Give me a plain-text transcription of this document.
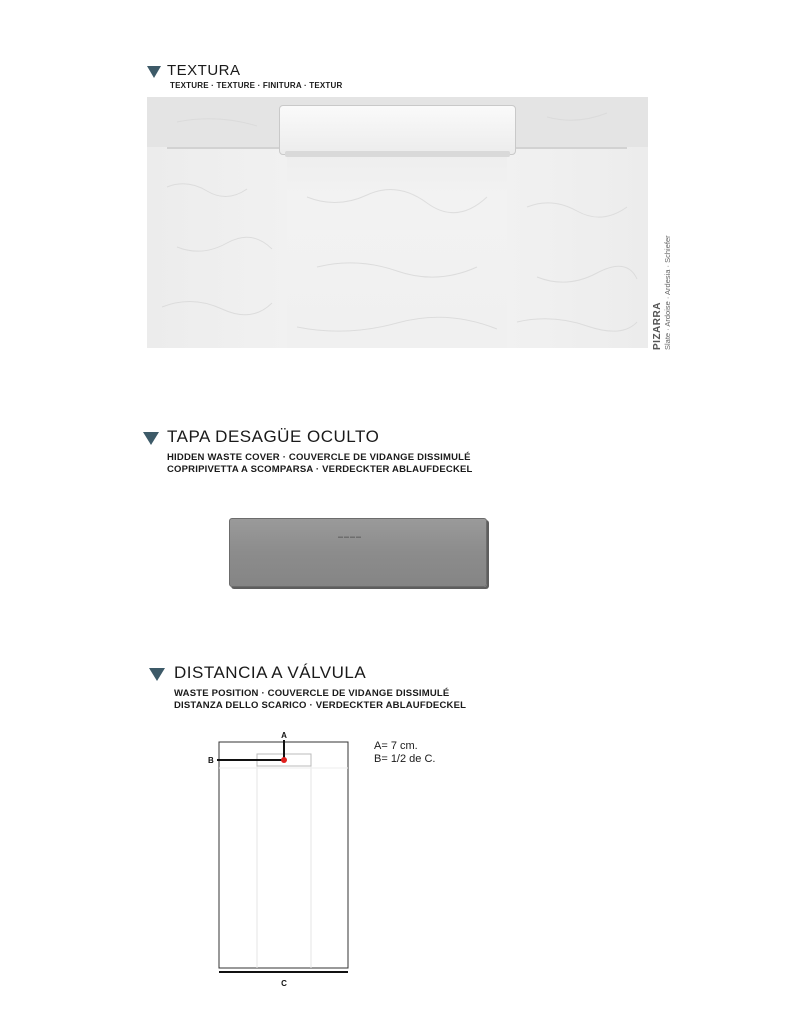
TEXTURA
TEXTURE · TEXTURE · FINITURA · TEXTUR
PIZARRA Slate · Ardoise · Ardesia · Schiefer
TAPA DESAGÜE OCULTO
HIDDEN WASTE COVER · COUVERCLE DE VIDANGE DISSIMULÉ
COPRIPIVETTA A SCOMPARSA · VERDECKTER ABLAUFDECKEL
▬▬▬▬
DISTANCIA A VÁLVULA
WASTE POSITION · COUVERCLE DE VIDANGE DISSIMULÉ
DISTANZA DELLO SCARICO · VERDECKTER ABLAUFDECKEL
A
B
C
A= 7 cm.
B= 1/2 de C.
